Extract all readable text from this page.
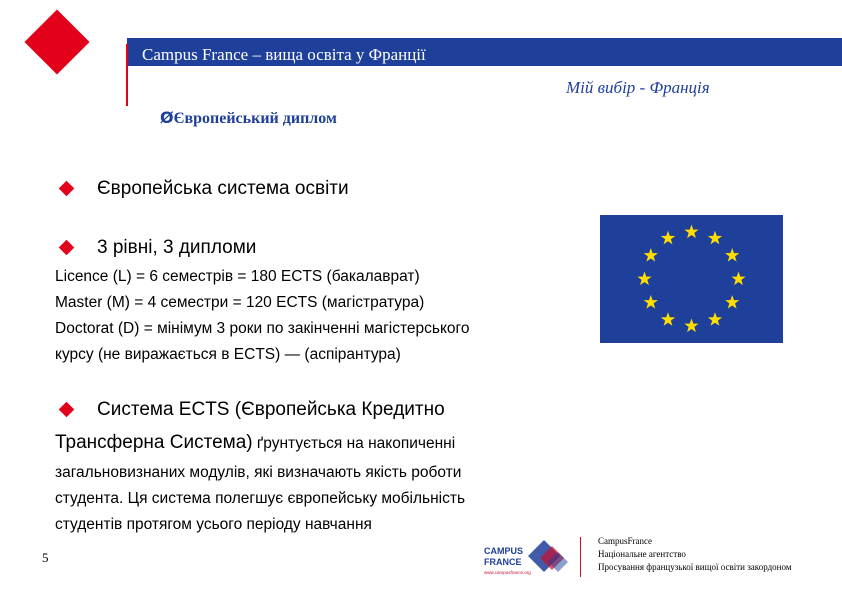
Campus France – вища освіта у Франції
Мій вибір - Франція
ØЄвропейський диплом
Європейська система освіти
3 рівні, 3 дипломи
Licence (L) = 6 семестрів = 180 ECTS (бакалаврат)
Master (M) = 4 семестри = 120 ECTS (магістратура)
Doctorat (D) = мінімум 3 роки по закінченні магістерського
курсу (не виражається в ECTS) — (аспірантура)
Система ECTS (Європейська Кредитно
Трансферна Система) ґрунтується на накопиченні
загальновизнаних модулів, які визначають якість роботи
студента. Ця система полегшує європейську мобільність
студентів протягом усього періоду навчання
5	CAMPUS
FRANCE
www.campusfrance.org
CampusFrance
Національне агентство
Просування французької вищої освіти закордоном
